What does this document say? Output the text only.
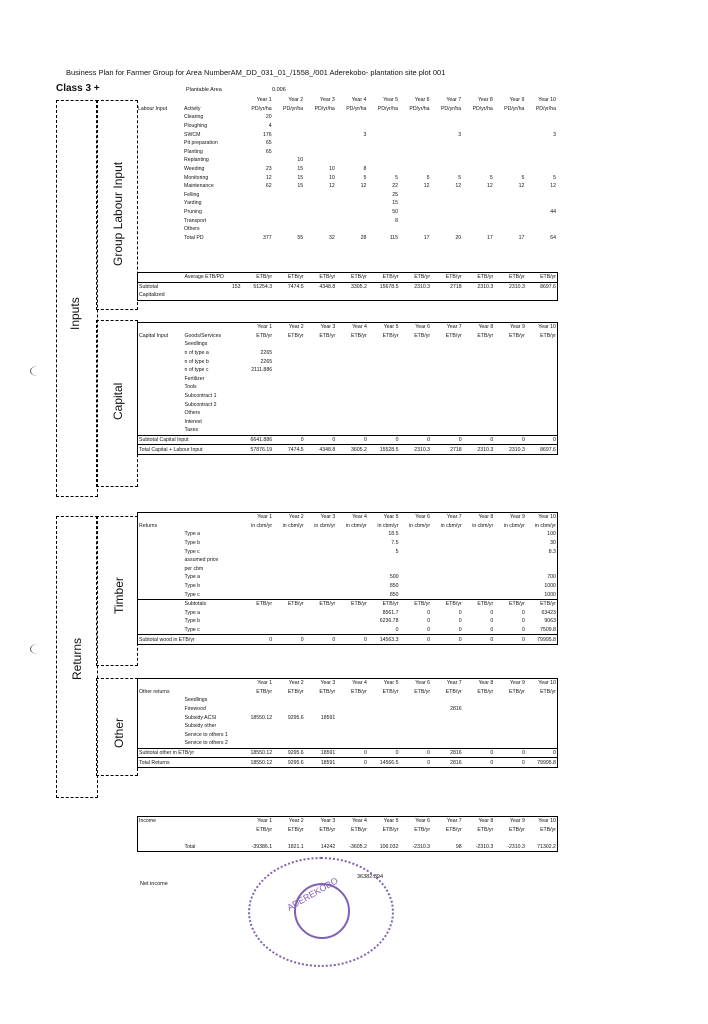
Business Plan for Farmer Group for Area NumberAM_DD_031_01_/1558_/001 Aderekobo- plantation site plot 001
Class 3 +	Plantable Area	0.006
Inputs
Group Labour Input
Capital
Returns
Timber
Other
		Year 1	Year 2	Year 3	Year 4	Year 5	Year 6	Year 7	Year 8	Year 9	Year 10
Labour Input	Activity	PD/yr/ha	PD/yr/ha	PD/yr/ha	PD/yr/ha	PD/yr/ha	PD/yr/ha	PD/yr/ha	PD/yr/ha	PD/yr/ha	PD/yr/ha
	Clearing	20									
	Ploughing	4									
	SWCM	176			3			3			3
	Pit preparation	65									
	Planting	65									
	Replanting		10								
	Weeding	23	15	10	8						
	Monitoring	12	15	10	5	5	5	5	5	5	5
	Maintenance	62	15	12	12	22	12	12	12	12	12
	Felling					25					
	Yarding					15					
	Pruning					50					44
	Transport					8					
	Others										
	Total PD	377	55	32	28	115	17	20	17	17	64
	Average ETB/PD	ETB/yr	ETB/yr	ETB/yr	ETB/yr	ETB/yr	ETB/yr	ETB/yr	ETB/yr	ETB/yr	ETB/yr
Subtotal	153	51254.3	7474.5	4348.8	3305.2	15678.5	2310.3	2718	2310.3	2310.3	8697.6
Capitalized											
		Year 1	Year 2	Year 3	Year 4	Year 5	Year 6	Year 7	Year 8	Year 9	Year 10
Capital Input	Goods/Services	ETB/yr	ETB/yr	ETB/yr	ETB/yr	ETB/yr	ETB/yr	ETB/yr	ETB/yr	ETB/yr	ETB/yr
	Seedlings										
	n of type a	2265									
	n of type b	2265									
	n of type c	2111.886									
	Fertilizer										
	Tools										
	Subcontract 1										
	Subcontract 2										
	Others										
	Interest										
	Taxes										
Subtotal Capital Input		6641.886	0	0	0	0	0	0	0	0	0
Total Capital + Labour Input		57876.19	7474.5	4348.8	3605.2	15528.5	2310.3	2718	2310.3	2310.3	8697.6
		Year 1	Year 2	Year 3	Year 4	Year 5	Year 6	Year 7	Year 8	Year 9	Year 10
Returns		in cbm/yr	in cbm/yr	in cbm/yr	in cbm/yr	in cbm/yr	in cbm/yr	in cbm/yr	in cbm/yr	in cbm/yr	in cbm/yr
	Type a					18.5					100
	Type b					7.5					30
	Type c					5					8.3
	assumed price										
	per cbm										
	Type a					500					700
	Type b					850					1000
	Type c					850					1000
	Subtotals	ETB/yr	ETB/yr	ETB/yr	ETB/yr	ETB/yr	ETB/yr	ETB/yr	ETB/yr	ETB/yr	ETB/yr
	Type a					8561.7	0	0	0	0	63423
	Type b					6236.78	0	0	0	0	9063
	Type c					0	0	0	0	0	7509.8
Subtotal wood in ETB/yr		0	0	0	0	14563.3	0	0	0	0	79995.8
		Year 1	Year 2	Year 3	Year 4	Year 5	Year 6	Year 7	Year 8	Year 9	Year 10
Other returns		ETB/yr	ETB/yr	ETB/yr	ETB/yr	ETB/yr	ETB/yr	ETB/yr	ETB/yr	ETB/yr	ETB/yr
	Seedlings										
	Firewood							2816			
	Subsidy ACSI	18550.12	9295.6	18591							
	Subsidy other										
	Service to others 1										
	Service to others 2										
Subtotal other in ETB/yr		18550.12	9295.6	18591	0	0	0	2816	0	0	0
Total Returns		18550.12	9295.6	18591	0	14566.5	0	2816	0	0	79995.8
Income		Year 1	Year 2	Year 3	Year 4	Year 5	Year 6	Year 7	Year 8	Year 9	Year 10
		ETB/yr	ETB/yr	ETB/yr	ETB/yr	ETB/yr	ETB/yr	ETB/yr	ETB/yr	ETB/yr	ETB/yr

	Total	-39386.1	1821.1	14242	-3605.2	106.032	-2310.3	98	-2310.3	-2310.3	71302.2
Net income
36382.394
ADEREKOBO
